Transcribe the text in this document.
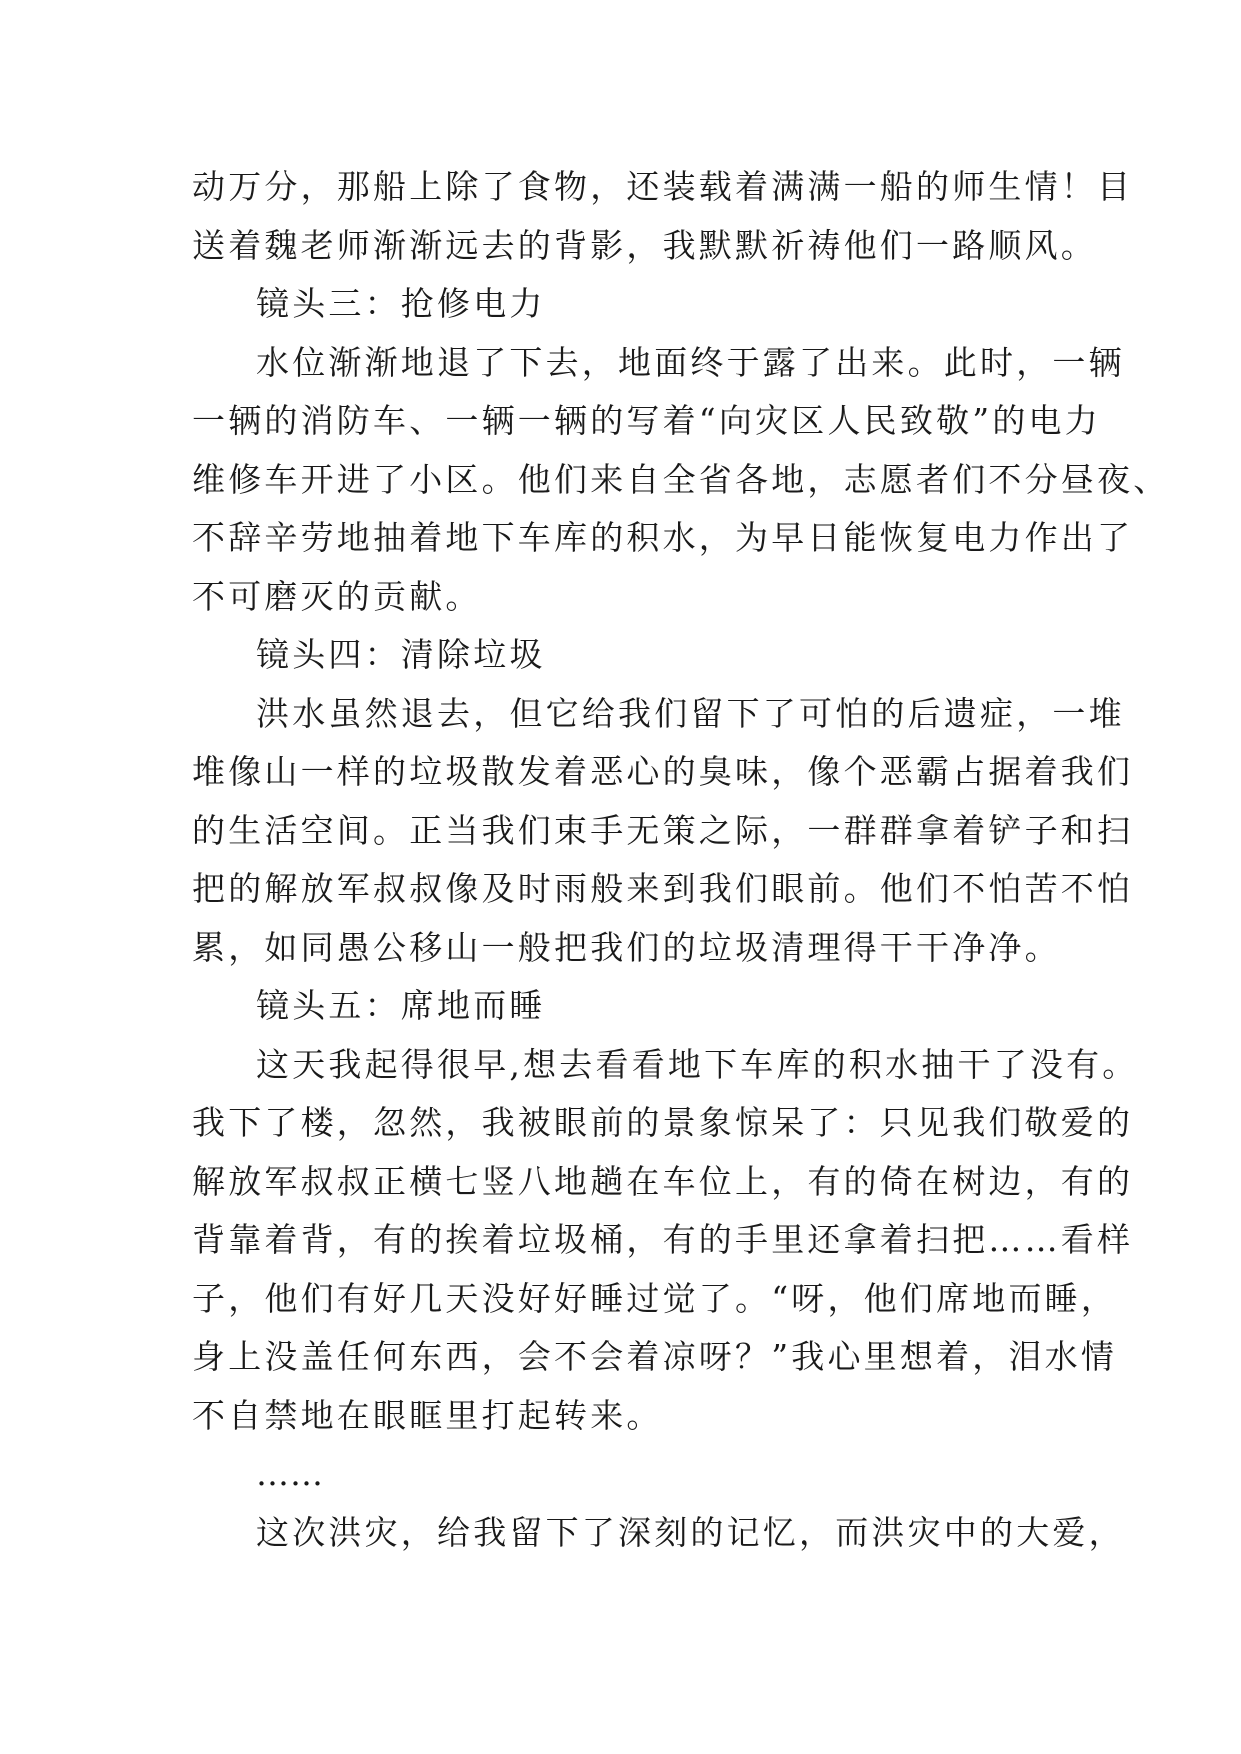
动万分，那船上除了食物，还装载着满满一船的师生情！目
送着魏老师渐渐远去的背影，我默默祈祷他们一路顺风。
镜头三：抢修电力
水位渐渐地退了下去，地面终于露了出来。此时，一辆
一辆的消防车、一辆一辆的写着“向灾区人民致敬”的电力
维修车开进了小区。他们来自全省各地，志愿者们不分昼夜、
不辞辛劳地抽着地下车库的积水，为早日能恢复电力作出了
不可磨灭的贡献。
镜头四：清除垃圾
洪水虽然退去，但它给我们留下了可怕的后遗症，一堆
堆像山一样的垃圾散发着恶心的臭味，像个恶霸占据着我们
的生活空间。正当我们束手无策之际，一群群拿着铲子和扫
把的解放军叔叔像及时雨般来到我们眼前。他们不怕苦不怕
累，如同愚公移山一般把我们的垃圾清理得干干净净。
镜头五：席地而睡
这天我起得很早,想去看看地下车库的积水抽干了没有。
我下了楼，忽然，我被眼前的景象惊呆了：只见我们敬爱的
解放军叔叔正横七竖八地趟在车位上，有的倚在树边，有的
背靠着背，有的挨着垃圾桶，有的手里还拿着扫把……看样
子，他们有好几天没好好睡过觉了。“呀，他们席地而睡，
身上没盖任何东西，会不会着凉呀？”我心里想着，泪水情
不自禁地在眼眶里打起转来。
……
这次洪灾，给我留下了深刻的记忆，而洪灾中的大爱，
